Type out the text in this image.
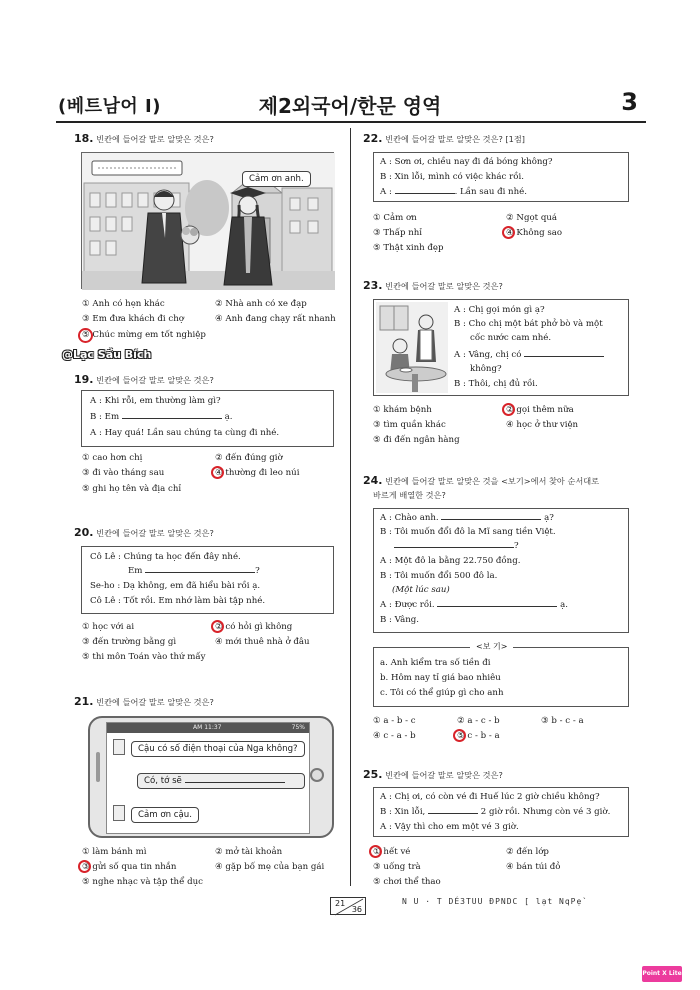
(베트남어 I)	제2외국어/한문 영역	3
18. 빈칸에 들어갈 말로 알맞은 것은?
Cảm ơn anh.
① Anh có hẹn khác	② Nhà anh có xe đạp
③ Em đưa khách đi chợ	④ Anh đang chạy rất nhanh
⑤ Chúc mừng em tốt nghiệp
@Lạc Sầu Bích
19. 빈칸에 들어갈 말로 알맞은 것은?
A : Khi rỗi, em thường làm gì?
B : Em	ạ.
A : Hay quá! Lần sau chúng ta cùng đi nhé.
① cao hơn chị	② đến đúng giờ
③ đi vào tháng sau	④ thường đi leo núi
⑤ ghi họ tên và địa chỉ
20. 빈칸에 들어갈 말로 알맞은 것은?
Cô Lê : Chúng ta học đến đây nhé.
Em	?
Se-ho : Dạ không, em đã hiểu bài rồi ạ.
Cô Lê : Tốt rồi. Em nhớ làm bài tập nhé.
① học với ai	② có hỏi gì không
③ đến trường bằng gì	④ mới thuê nhà ở đâu
⑤ thi môn Toán vào thứ mấy
21. 빈칸에 들어갈 말로 알맞은 것은?
AM 11:37	75%
Cậu có số điện thoại của Nga không?
Có, tớ sẽ
Cảm ơn cậu.
① làm bánh mì	② mở tài khoản
③ gửi số qua tin nhắn	④ gặp bố mẹ của bạn gái
⑤ nghe nhạc và tập thể dục
22. 빈칸에 들어갈 말로 알맞은 것은? [1점]
A : Sơn ơi, chiều nay đi đá bóng không?
B : Xin lỗi, mình có việc khác rồi.
A :	. Lần sau đi nhé.
① Cảm ơn	② Ngọt quá
③ Thấp nhỉ	④ Không sao
⑤ Thật xinh đẹp
23. 빈칸에 들어갈 말로 알맞은 것은?
A : Chị gọi món gì ạ?
B : Cho chị một bát phở bò và một
cốc nước cam nhé.
A : Vâng, chị có
không?
B : Thôi, chị đủ rồi.
① khám bệnh	② gọi thêm nữa
③ tìm quần khác	④ học ở thư viện
⑤ đi đến ngân hàng
24. 빈칸에 들어갈 말로 알맞은 것을 <보기>에서 찾아 순서대로
바르게 배열한 것은?
A : Chào anh.	ạ?
B : Tôi muốn đổi đô la Mĩ sang tiền Việt.
?
A : Một đô la bằng 22.750 đồng.
B : Tôi muốn đổi 500 đô la.
(Một lúc sau)
A : Được rồi.	ạ.
B : Vâng.
<보 기>
a. Anh kiểm tra số tiền đi
b. Hôm nay tỉ giá bao nhiêu
c. Tôi có thể giúp gì cho anh
① a - b - c	② a - c - b	③ b - c - a
④ c - a - b	⑤ c - b - a
25. 빈칸에 들어갈 말로 알맞은 것은?
A : Chị ơi, có còn vé đi Huế lúc 2 giờ chiều không?
B : Xin lỗi,	2 giờ rồi. Nhưng còn vé 3 giờ.
A : Vậy thì cho em một vé 3 giờ.
① hết vé	② đến lớp
③ uống trà	④ bán túi đỏ
⑤ chơi thể thao
21
36
N U · T DÉ3TUU ĐPNDC [ lạt NqPẹ`
Point X Lite
